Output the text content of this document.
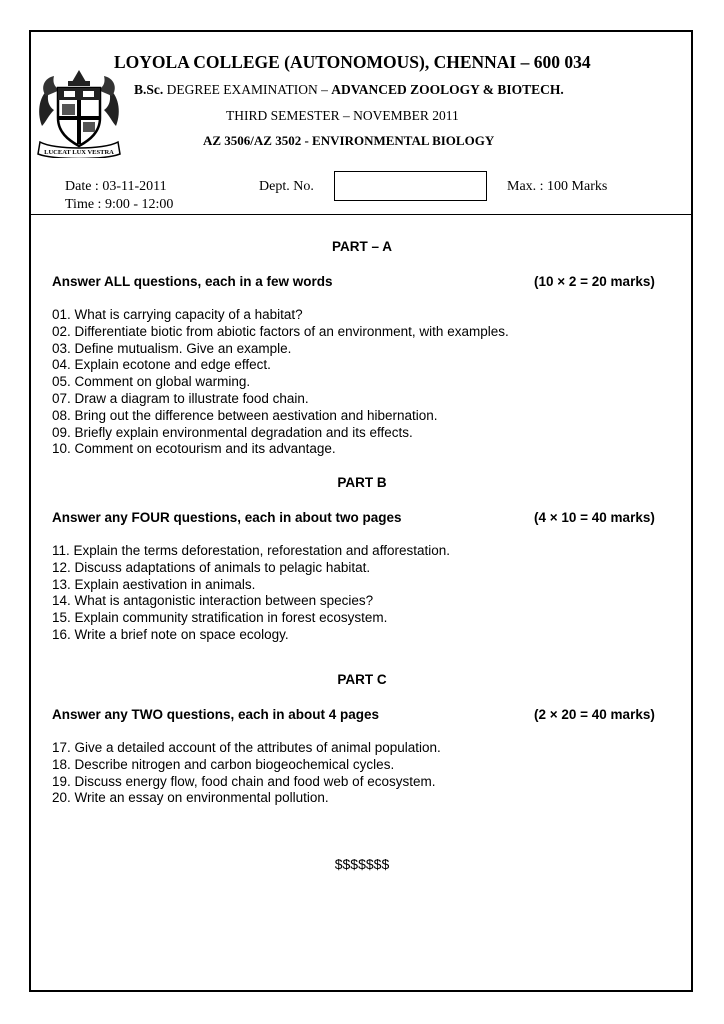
LUCEAT LUX VESTRA
LOYOLA COLLEGE (AUTONOMOUS), CHENNAI – 600 034
B.Sc. DEGREE EXAMINATION – ADVANCED ZOOLOGY & BIOTECH.
THIRD SEMESTER – NOVEMBER 2011
AZ 3506/AZ 3502 - ENVIRONMENTAL BIOLOGY
Date : 03-11-2011
Time : 9:00 - 12:00
Dept. No.	Max. : 100 Marks
PART – A
Answer ALL questions, each in a few words	(10 × 2 = 20 marks)
01. What is carrying capacity of a habitat?
02. Differentiate biotic from abiotic factors of an environment, with examples.
03. Define mutualism. Give an example.
04. Explain ecotone and edge effect.
05. Comment on global warming.
07. Draw a diagram to illustrate food chain.
08. Bring out the difference between aestivation and hibernation.
09. Briefly explain environmental degradation and its effects.
10. Comment on ecotourism and its advantage.
PART B
Answer any FOUR questions, each in about two pages	(4 × 10 = 40 marks)
11. Explain the terms deforestation, reforestation and afforestation.
12. Discuss adaptations of animals to pelagic habitat.
13. Explain aestivation in animals.
14. What is antagonistic interaction between species?
15. Explain community stratification in forest ecosystem.
16. Write a brief note on space ecology.
PART C
Answer any TWO questions, each in about 4 pages	(2 × 20 = 40 marks)
17. Give a detailed account of the attributes of animal population.
18. Describe nitrogen and carbon biogeochemical cycles.
19. Discuss energy flow, food chain and food web of ecosystem.
20. Write an essay on environmental pollution.
$$$$$$$
